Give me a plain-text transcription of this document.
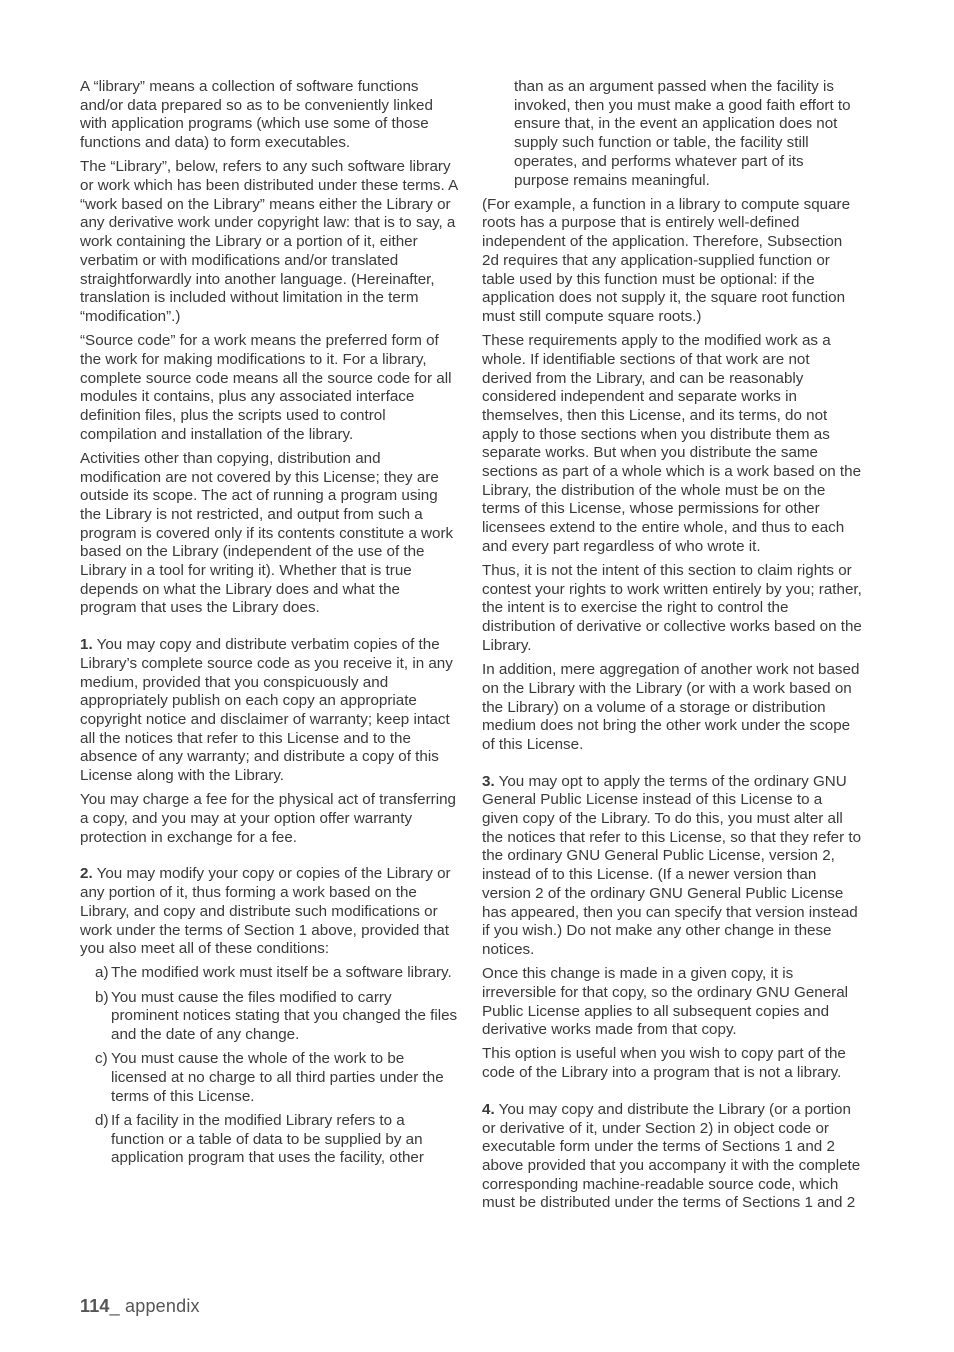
A “library” means a collection of software functions and/or data prepared so as to be conveniently linked with application programs (which use some of those functions and data) to form executables.

The “Library”, below, refers to any such software library or work which has been distributed under these terms. A “work based on the Library” means either the Library or any derivative work under copyright law: that is to say, a work containing the Library or a portion of it, either verbatim or with modifications and/or translated straightforwardly into another language. (Hereinafter, translation is included without limitation in the term “modification”.)

“Source code” for a work means the preferred form of the work for making modifications to it. For a library, complete source code means all the source code for all modules it contains, plus any associated interface definition files, plus the scripts used to control compilation and installation of the library.

Activities other than copying, distribution and modification are not covered by this License; they are outside its scope. The act of running a program using the Library is not restricted, and output from such a program is covered only if its contents constitute a work based on the Library (independent of the use of the Library in a tool for writing it). Whether that is true depends on what the Library does and what the program that uses the Library does.

1. You may copy and distribute verbatim copies of the Library’s complete source code as you receive it, in any medium, provided that you conspicuously and appropriately publish on each copy an appropriate copyright notice and disclaimer of warranty; keep intact all the notices that refer to this License and to the absence of any warranty; and distribute a copy of this License along with the Library.

You may charge a fee for the physical act of transferring a copy, and you may at your option offer warranty protection in exchange for a fee.

2. You may modify your copy or copies of the Library or any portion of it, thus forming a work based on the Library, and copy and distribute such modifications or work under the terms of Section 1 above, provided that you also meet all of these conditions:

a) The modified work must itself be a software library.
b) You must cause the files modified to carry prominent notices stating that you changed the files and the date of any change.
c) You must cause the whole of the work to be licensed at no charge to all third parties under the terms of this License.
d) If a facility in the modified Library refers to a function or a table of data to be supplied by an application program that uses the facility, other
than as an argument passed when the facility is invoked, then you must make a good faith effort to ensure that, in the event an application does not supply such function or table, the facility still operates, and performs whatever part of its purpose remains meaningful.

(For example, a function in a library to compute square roots has a purpose that is entirely well-defined independent of the application. Therefore, Subsection 2d requires that any application-supplied function or table used by this function must be optional: if the application does not supply it, the square root function must still compute square roots.)

These requirements apply to the modified work as a whole. If identifiable sections of that work are not derived from the Library, and can be reasonably considered independent and separate works in themselves, then this License, and its terms, do not apply to those sections when you distribute them as separate works. But when you distribute the same sections as part of a whole which is a work based on the Library, the distribution of the whole must be on the terms of this License, whose permissions for other licensees extend to the entire whole, and thus to each and every part regardless of who wrote it.

Thus, it is not the intent of this section to claim rights or contest your rights to work written entirely by you; rather, the intent is to exercise the right to control the distribution of derivative or collective works based on the Library.

In addition, mere aggregation of another work not based on the Library with the Library (or with a work based on the Library) on a volume of a storage or distribution medium does not bring the other work under the scope of this License.

3. You may opt to apply the terms of the ordinary GNU General Public License instead of this License to a given copy of the Library. To do this, you must alter all the notices that refer to this License, so that they refer to the ordinary GNU General Public License, version 2, instead of to this License. (If a newer version than version 2 of the ordinary GNU General Public License has appeared, then you can specify that version instead if you wish.) Do not make any other change in these notices.

Once this change is made in a given copy, it is irreversible for that copy, so the ordinary GNU General Public License applies to all subsequent copies and derivative works made from that copy.

This option is useful when you wish to copy part of the code of the Library into a program that is not a library.

4. You may copy and distribute the Library (or a portion or derivative of it, under Section 2) in object code or executable form under the terms of Sections 1 and 2 above provided that you accompany it with the complete corresponding machine-readable source code, which must be distributed under the terms of Sections 1 and 2

114_ appendix
